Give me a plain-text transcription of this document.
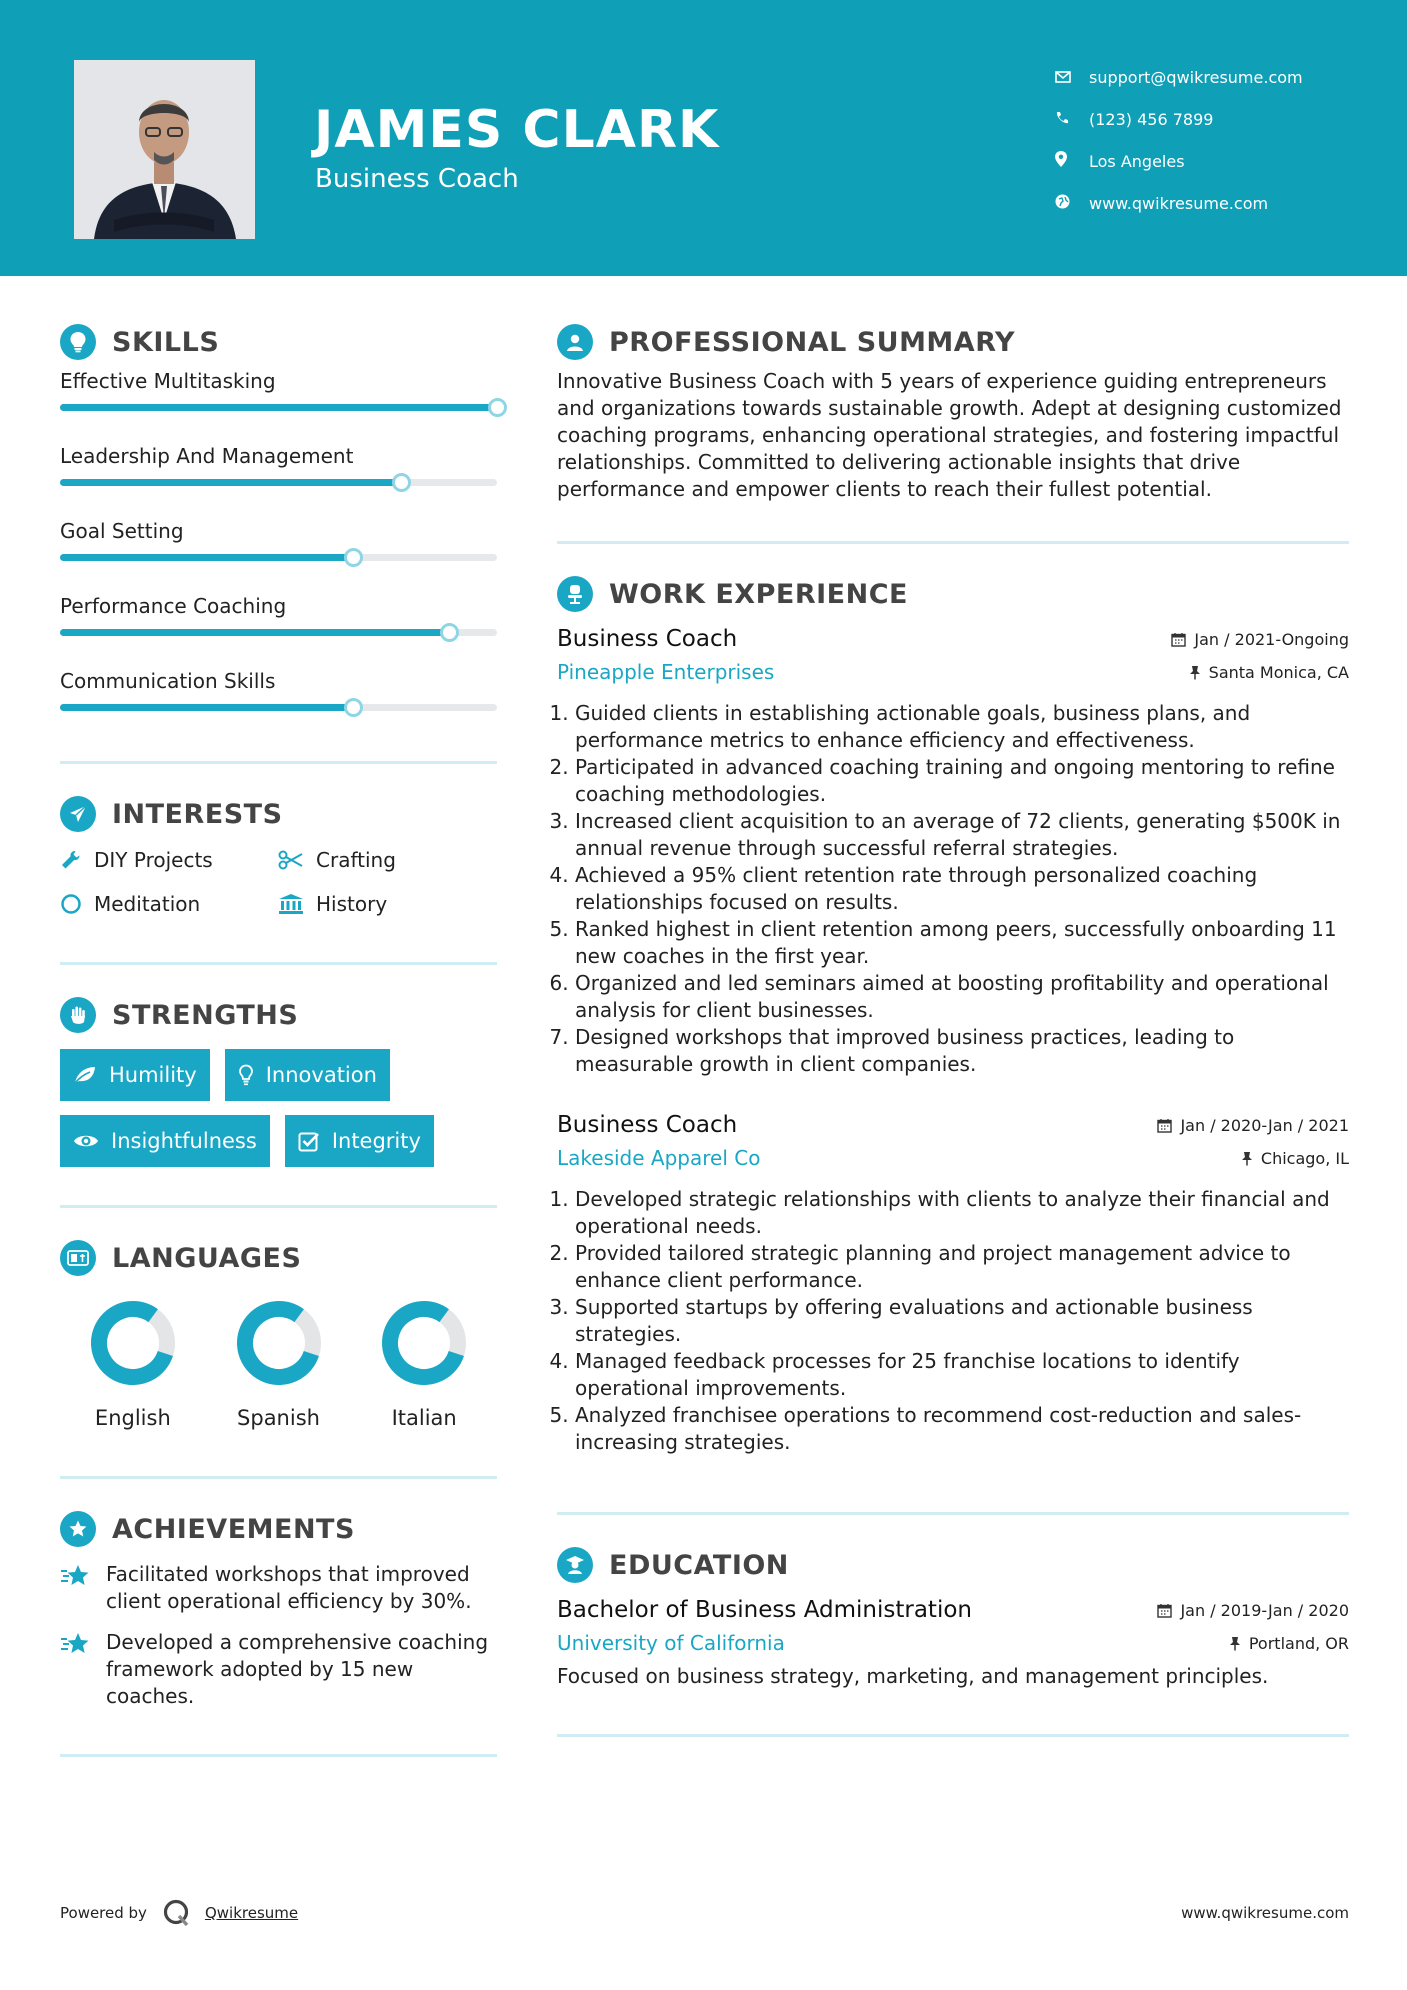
JAMES CLARK
Business Coach
support@qwikresume.com
(123) 456 7899
Los Angeles
www.qwikresume.com
SKILLS
Effective Multitasking
Leadership And Management
Goal Setting
Performance Coaching
Communication Skills
INTERESTS
DIY Projects	Crafting
Meditation	History
STRENGTHS
Humility	Innovation
Insightfulness	Integrity
LANGUAGES
English	Spanish	Italian
ACHIEVEMENTS
Facilitated workshops that improved client operational efficiency by 30%.
Developed a comprehensive coaching framework adopted by 15 new coaches.
PROFESSIONAL SUMMARY

Innovative Business Coach with 5 years of experience guiding entrepreneurs and organizations towards sustainable growth. Adept at designing customized coaching programs, enhancing operational strategies, and fostering impactful relationships. Committed to delivering actionable insights that drive performance and empower clients to reach their fullest potential.

WORK EXPERIENCE
Business Coach	Jan / 2021-Ongoing
Pineapple Enterprises	Santa Monica, CA
1. Guided clients in establishing actionable goals, business plans, and performance metrics to enhance efficiency and effectiveness.
2. Participated in advanced coaching training and ongoing mentoring to refine coaching methodologies.
3. Increased client acquisition to an average of 72 clients, generating $500K in annual revenue through successful referral strategies.
4. Achieved a 95% client retention rate through personalized coaching relationships focused on results.
5. Ranked highest in client retention among peers, successfully onboarding 11 new coaches in the first year.
6. Organized and led seminars aimed at boosting profitability and operational analysis for client businesses.
7. Designed workshops that improved business practices, leading to measurable growth in client companies.
Business Coach	Jan / 2020-Jan / 2021
Lakeside Apparel Co	Chicago, IL
1. Developed strategic relationships with clients to analyze their financial and operational needs.
2. Provided tailored strategic planning and project management advice to enhance client performance.
3. Supported startups by offering evaluations and actionable business strategies.
4. Managed feedback processes for 25 franchise locations to identify operational improvements.
5. Analyzed franchisee operations to recommend cost-reduction and sales-increasing strategies.
EDUCATION
Bachelor of Business Administration	Jan / 2019-Jan / 2020
University of California	Portland, OR

Focused on business strategy, marketing, and management principles.

Powered by	Qwikresume	www.qwikresume.com
